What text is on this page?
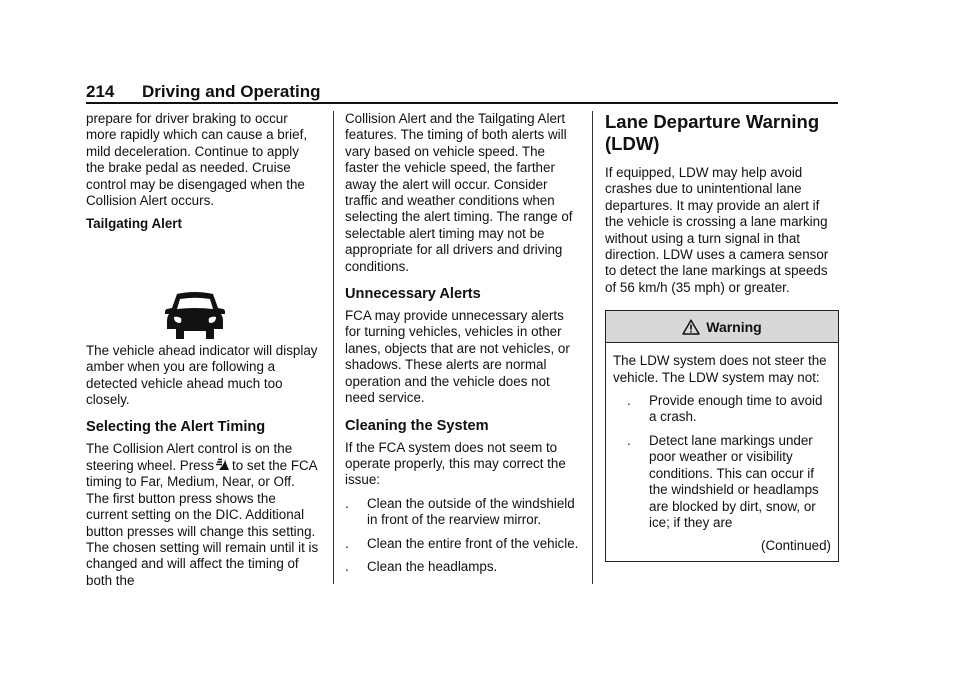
214 Driving and Operating

prepare for driver braking to occur more rapidly which can cause a brief, mild deceleration. Continue to apply the brake pedal as needed. Cruise control may be disengaged when the Collision Alert occurs.

Tailgating Alert

The vehicle ahead indicator will display amber when you are following a detected vehicle ahead much too closely.

Selecting the Alert Timing

The Collision Alert control is on the steering wheel. Press to set the FCA timing to Far, Medium, Near, or Off. The first button press shows the current setting on the DIC. Additional button presses will change this setting. The chosen setting will remain until it is changed and will affect the timing of both the

Collision Alert and the Tailgating Alert features. The timing of both alerts will vary based on vehicle speed. The faster the vehicle speed, the farther away the alert will occur. Consider traffic and weather conditions when selecting the alert timing. The range of selectable alert timing may not be appropriate for all drivers and driving conditions.

Unnecessary Alerts

FCA may provide unnecessary alerts for turning vehicles, vehicles in other lanes, objects that are not vehicles, or shadows. These alerts are normal operation and the vehicle does not need service.

Cleaning the System

If the FCA system does not seem to operate properly, this may correct the issue:

.	Clean the outside of the windshield in front of the rearview mirror.
.	Clean the entire front of the vehicle.
.	Clean the headlamps.
Lane Departure Warning (LDW)

If equipped, LDW may help avoid crashes due to unintentional lane departures. It may provide an alert if the vehicle is crossing a lane marking without using a turn signal in that direction. LDW uses a camera sensor to detect the lane markings at speeds of 56 km/h (35 mph) or greater.

Warning

The LDW system does not steer the vehicle. The LDW system may not:

.	Provide enough time to avoid a crash.
.	Detect lane markings under poor weather or visibility conditions. This can occur if the windshield or headlamps are blocked by dirt, snow, or ice; if they are
(Continued)
